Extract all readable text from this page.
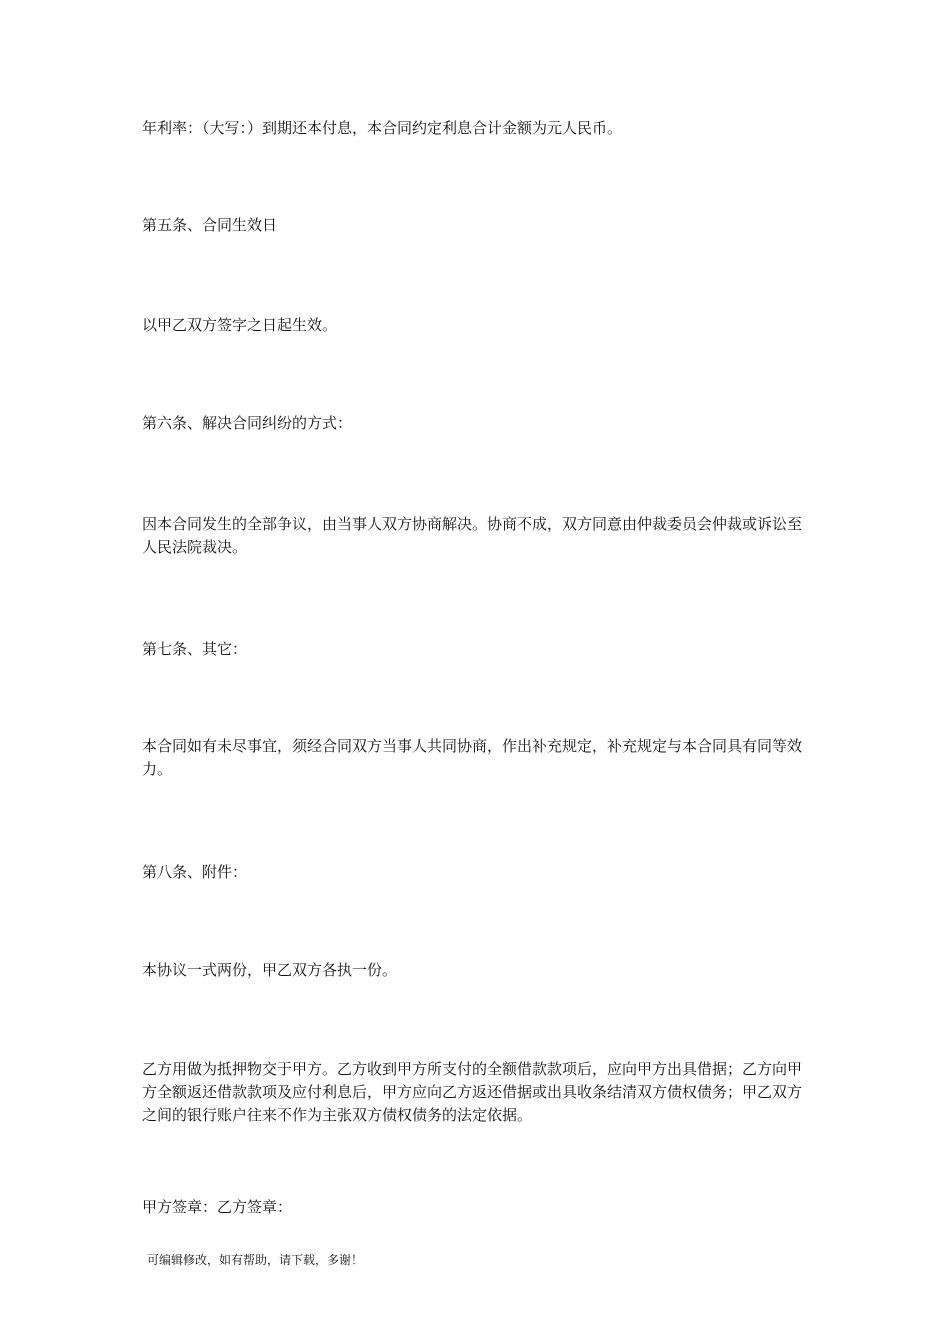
年利率：（大写：）到期还本付息，本合同约定利息合计金额为元人民币。

第五条、合同生效日

以甲乙双方签字之日起生效。

第六条、解决合同纠纷的方式：

因本合同发生的全部争议，由当事人双方协商解决。协商不成，双方同意由仲裁委员会仲裁或诉讼至人民法院裁决。

第七条、其它：

本合同如有未尽事宜，须经合同双方当事人共同协商，作出补充规定，补充规定与本合同具有同等效力。

第八条、附件：

本协议一式两份，甲乙双方各执一份。

乙方用做为抵押物交于甲方。乙方收到甲方所支付的全额借款款项后，应向甲方出具借据；乙方向甲方全额返还借款款项及应付利息后，甲方应向乙方返还借据或出具收条结清双方债权债务；甲乙双方之间的银行账户往来不作为主张双方债权债务的法定依据。

甲方签章：乙方签章：

可编辑修改，如有帮助，请下载，多谢！
